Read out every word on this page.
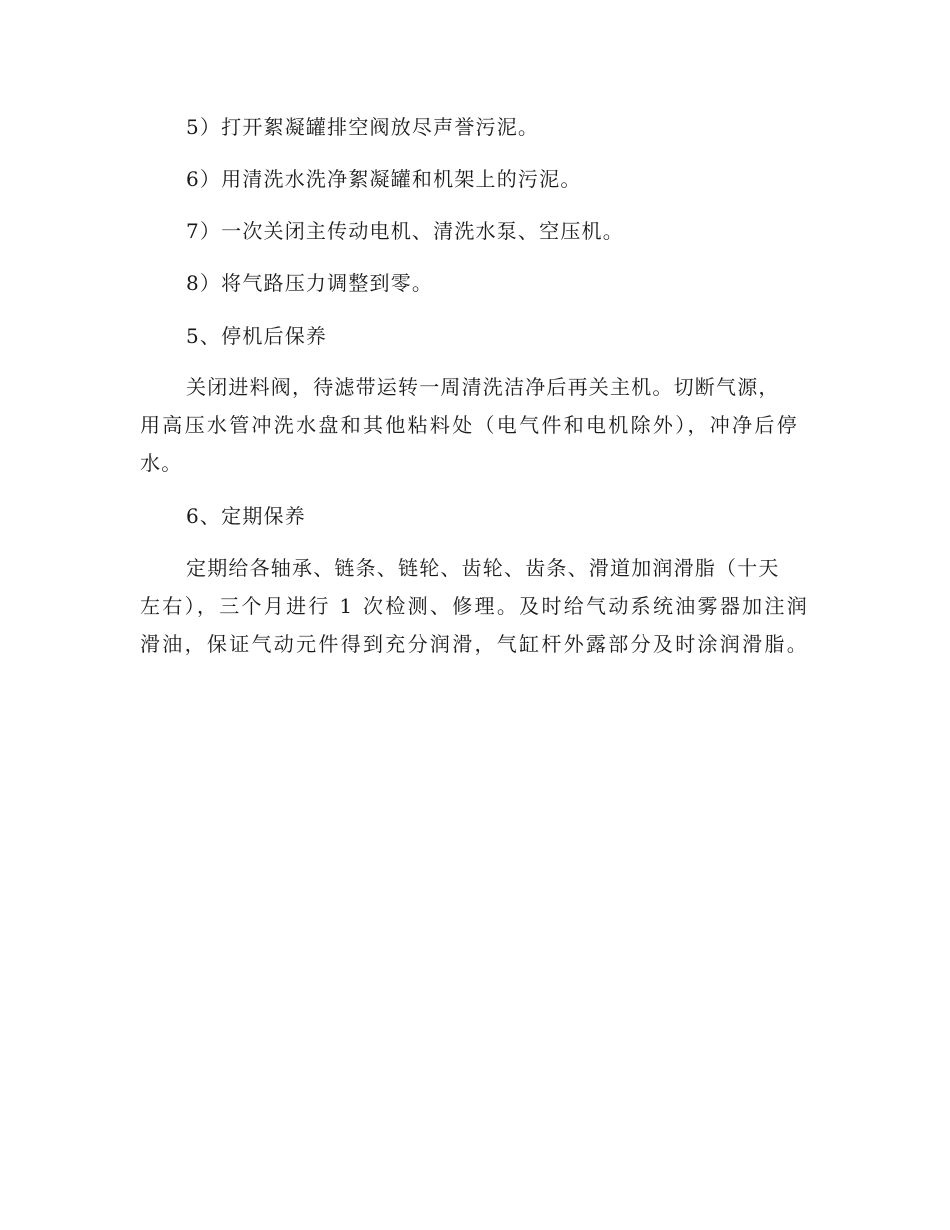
5）打开絮凝罐排空阀放尽声誉污泥。

6）用清洗水洗净絮凝罐和机架上的污泥。

7）一次关闭主传动电机、清洗水泵、空压机。

8）将气路压力调整到零。

5、停机后保养

关闭进料阀，待滤带运转一周清洗洁净后再关主机。切断气源，

用高压水管冲洗水盘和其他粘料处（电气件和电机除外），冲净后停

水。

6、定期保养

定期给各轴承、链条、链轮、齿轮、齿条、滑道加润滑脂（十天

左右），三个月进行 1 次检测、修理。及时给气动系统油雾器加注润

滑油，保证气动元件得到充分润滑，气缸杆外露部分及时涂润滑脂。
